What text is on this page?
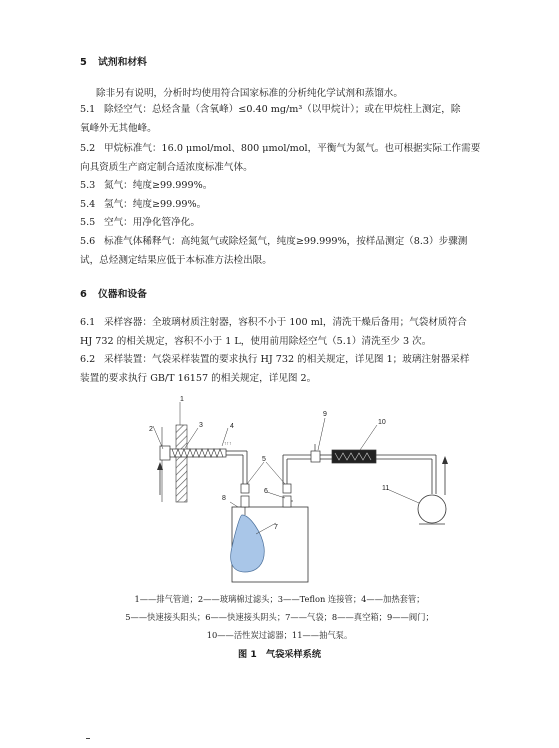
5 试剂和材料
除非另有说明，分析时均使用符合国家标准的分析纯化学试剂和蒸馏水。
5.1 除烃空气：总烃含量（含氧峰）≤0.40 mg/m³（以甲烷计）；或在甲烷柱上测定，除
氧峰外无其他峰。
5.2 甲烷标准气：16.0 μmol/mol、800 μmol/mol，平衡气为氮气。也可根据实际工作需要
向具资质生产商定制合适浓度标准气体。
5.3 氮气：纯度≥99.999%。
5.4 氢气：纯度≥99.99%。
5.5 空气：用净化管净化。
5.6 标准气体稀释气：高纯氮气或除烃氮气，纯度≥99.999%，按样品测定（8.3）步骤测
试，总烃测定结果应低于本标准方法检出限。
6 仪器和设备
6.1 采样容器：全玻璃材质注射器，容积不小于 100 ml，清洗干燥后备用；气袋材质符合
HJ 732 的相关规定，容积不小于 1 L，使用前用除烃空气（5.1）清洗至少 3 次。
6.2 采样装置：气袋采样装置的要求执行 HJ 732 的相关规定，详见图 1；玻璃注射器采样
装置的要求执行 GB/T 16157 的相关规定，详见图 2。
↑↑↑
1
2
3	4
5
6
7
8
9
10
11
1——排气管道；2——玻璃棉过滤头；3——Teflon 连接管；4——加热套管；
5——快速接头阳头；6——快速接头阴头；7——气袋；8——真空箱；9——阀门；
10——活性炭过滤器；11——抽气泵。
图 1　气袋采样系统
